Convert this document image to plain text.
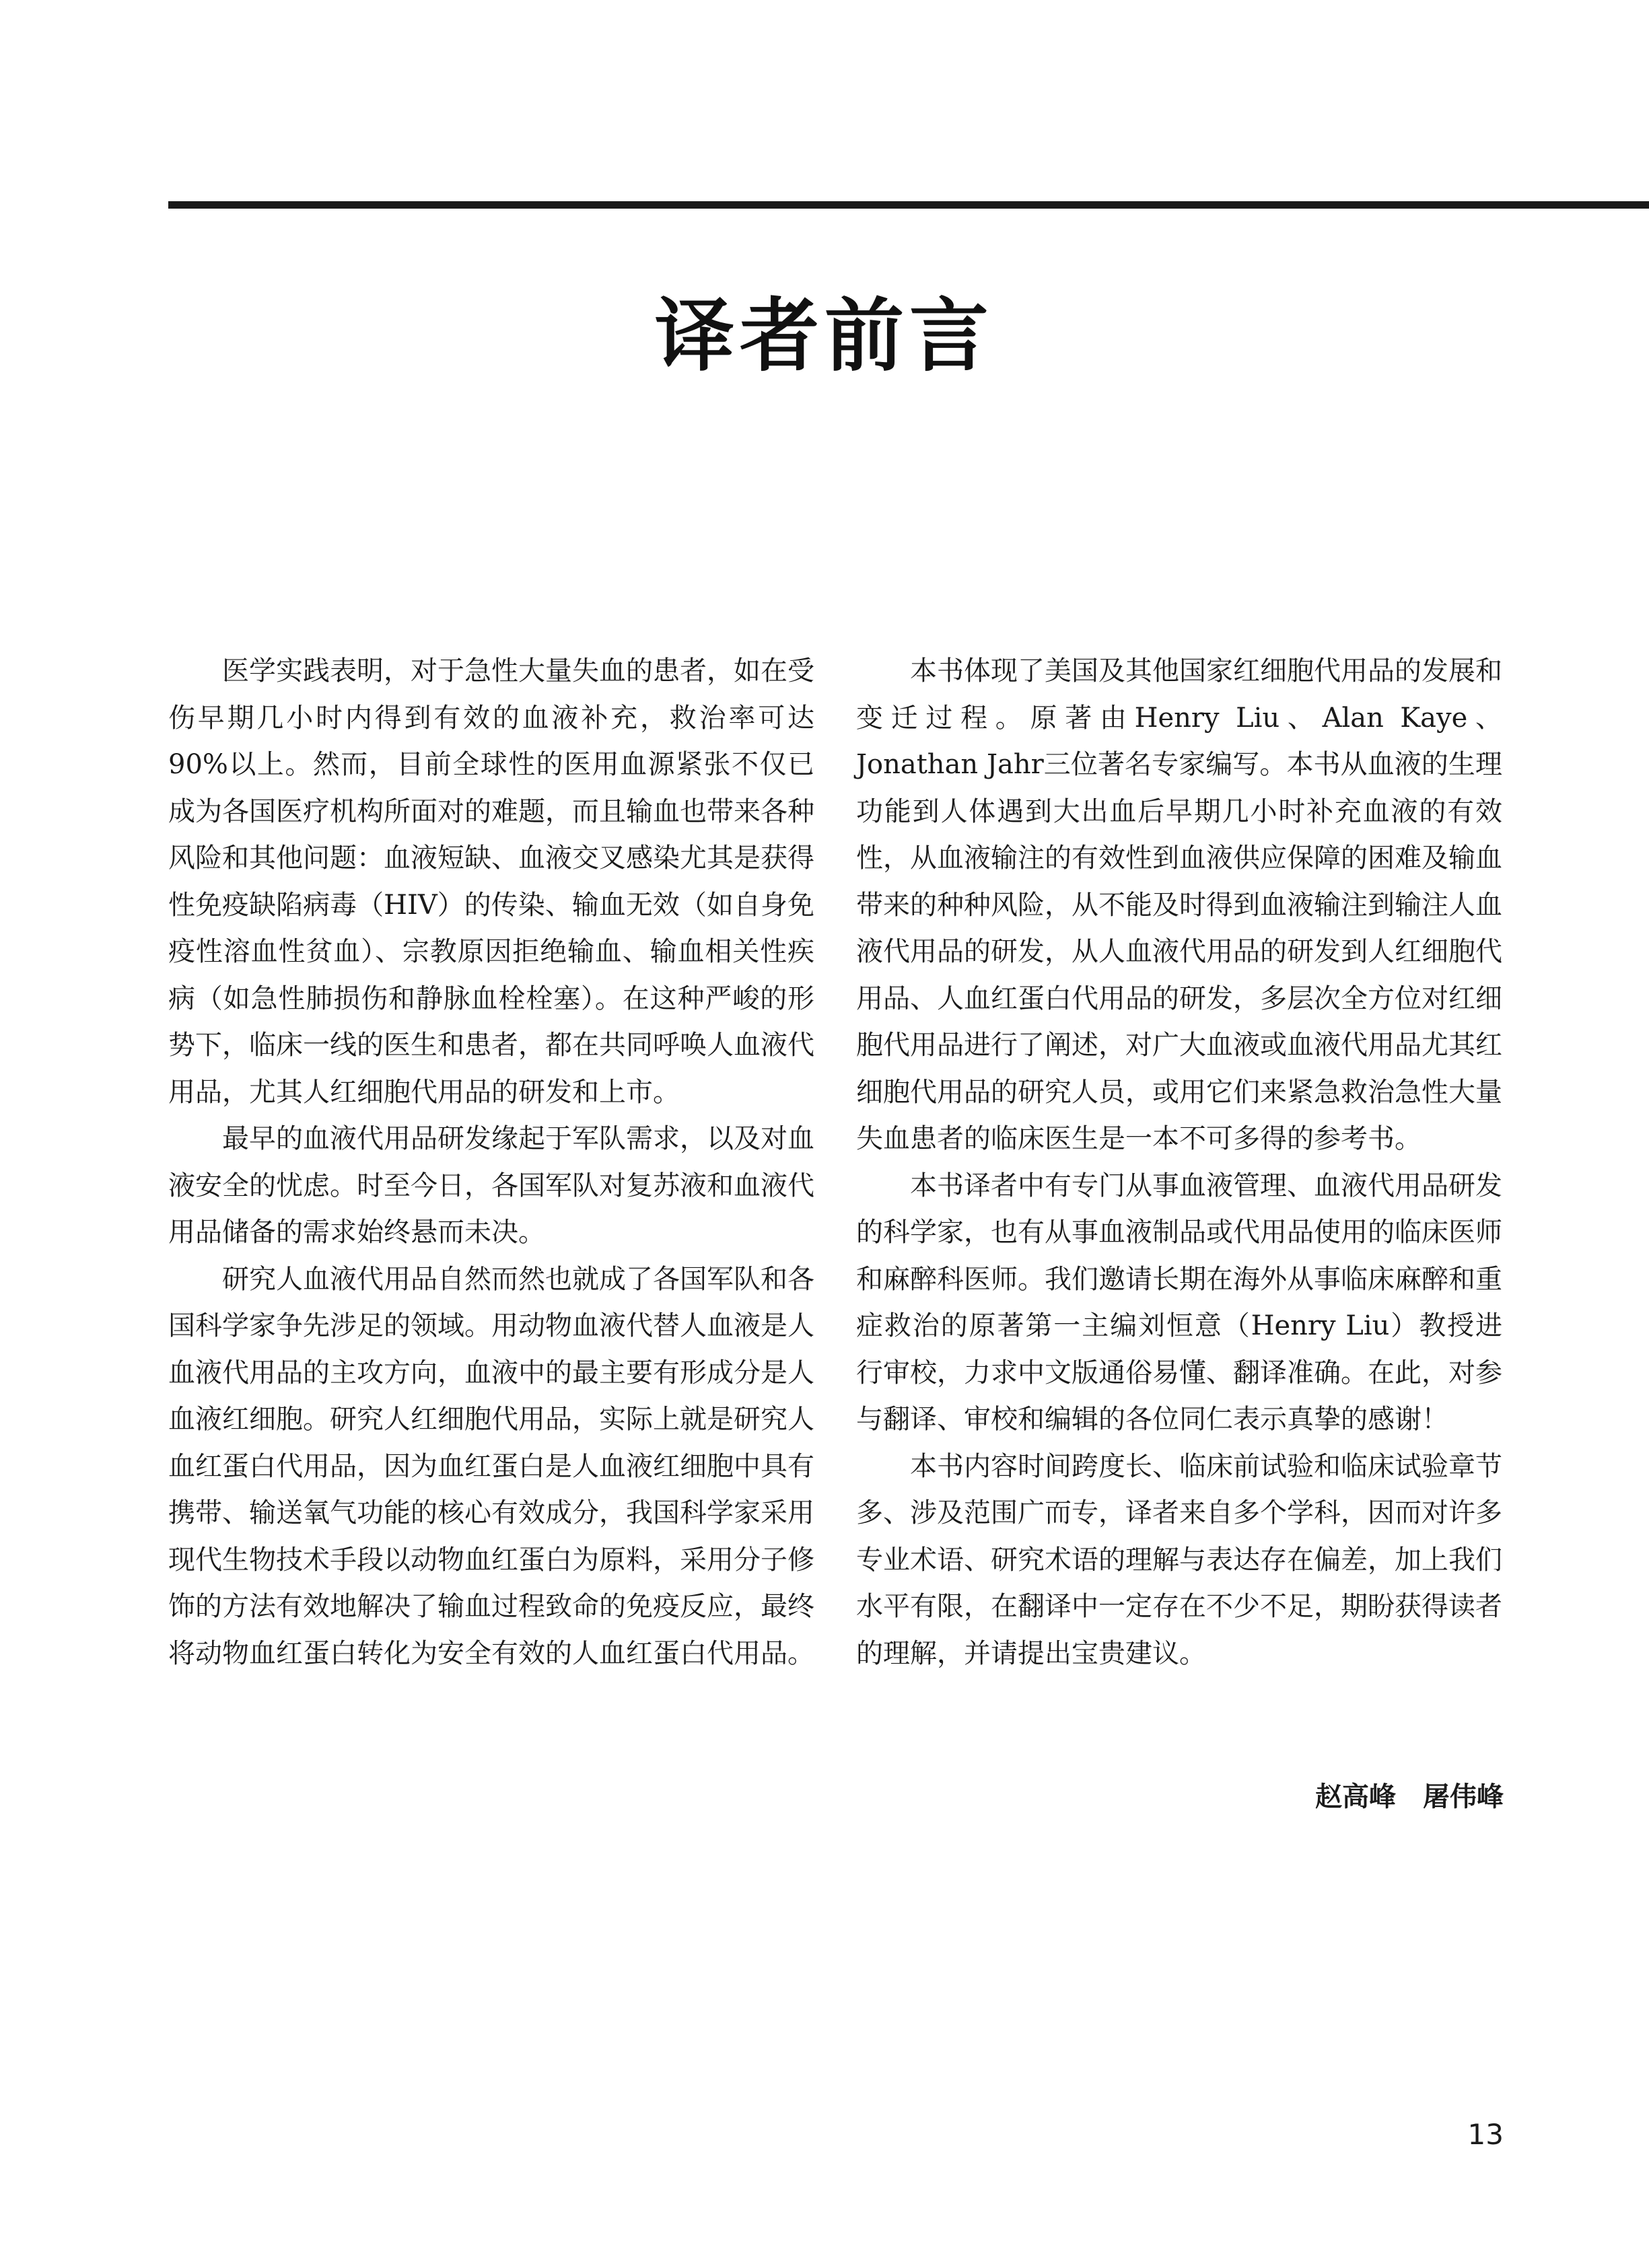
译者前言

医学实践表明，对于急性大量失血的患者，如在受伤早期几小时内得到有效的血液补充，救治率可达90%以上。然而，目前全球性的医用血源紧张不仅已成为各国医疗机构所面对的难题，而且输血也带来各种风险和其他问题：血液短缺、血液交叉感染尤其是获得性免疫缺陷病毒（HIV）的传染、输血无效（如自身免疫性溶血性贫血）、宗教原因拒绝输血、输血相关性疾病（如急性肺损伤和静脉血栓栓塞）。在这种严峻的形势下，临床一线的医生和患者，都在共同呼唤人血液代用品，尤其人红细胞代用品的研发和上市。

最早的血液代用品研发缘起于军队需求，以及对血液安全的忧虑。时至今日，各国军队对复苏液和血液代用品储备的需求始终悬而未决。

研究人血液代用品自然而然也就成了各国军队和各国科学家争先涉足的领域。用动物血液代替人血液是人血液代用品的主攻方向，血液中的最主要有形成分是人血液红细胞。研究人红细胞代用品，实际上就是研究人血红蛋白代用品，因为血红蛋白是人血液红细胞中具有携带、输送氧气功能的核心有效成分，我国科学家采用现代生物技术手段以动物血红蛋白为原料，采用分子修饰的方法有效地解决了输血过程致命的免疫反应，最终将动物血红蛋白转化为安全有效的人血红蛋白代用品。

本书体现了美国及其他国家红细胞代用品的发展和变迁过程。原著由Henry Liu、Alan Kaye、Jonathan Jahr三位著名专家编写。本书从血液的生理功能到人体遇到大出血后早期几小时补充血液的有效性，从血液输注的有效性到血液供应保障的困难及输血带来的种种风险，从不能及时得到血液输注到输注人血液代用品的研发，从人血液代用品的研发到人红细胞代用品、人血红蛋白代用品的研发，多层次全方位对红细胞代用品进行了阐述，对广大血液或血液代用品尤其红细胞代用品的研究人员，或用它们来紧急救治急性大量失血患者的临床医生是一本不可多得的参考书。

本书译者中有专门从事血液管理、血液代用品研发的科学家，也有从事血液制品或代用品使用的临床医师和麻醉科医师。我们邀请长期在海外从事临床麻醉和重症救治的原著第一主编刘恒意（Henry Liu）教授进行审校，力求中文版通俗易懂、翻译准确。在此，对参与翻译、审校和编辑的各位同仁表示真挚的感谢！

本书内容时间跨度长、临床前试验和临床试验章节多、涉及范围广而专，译者来自多个学科，因而对许多专业术语、研究术语的理解与表达存在偏差，加上我们水平有限，在翻译中一定存在不少不足，期盼获得读者的理解，并请提出宝贵建议。

赵高峰　屠伟峰
13
